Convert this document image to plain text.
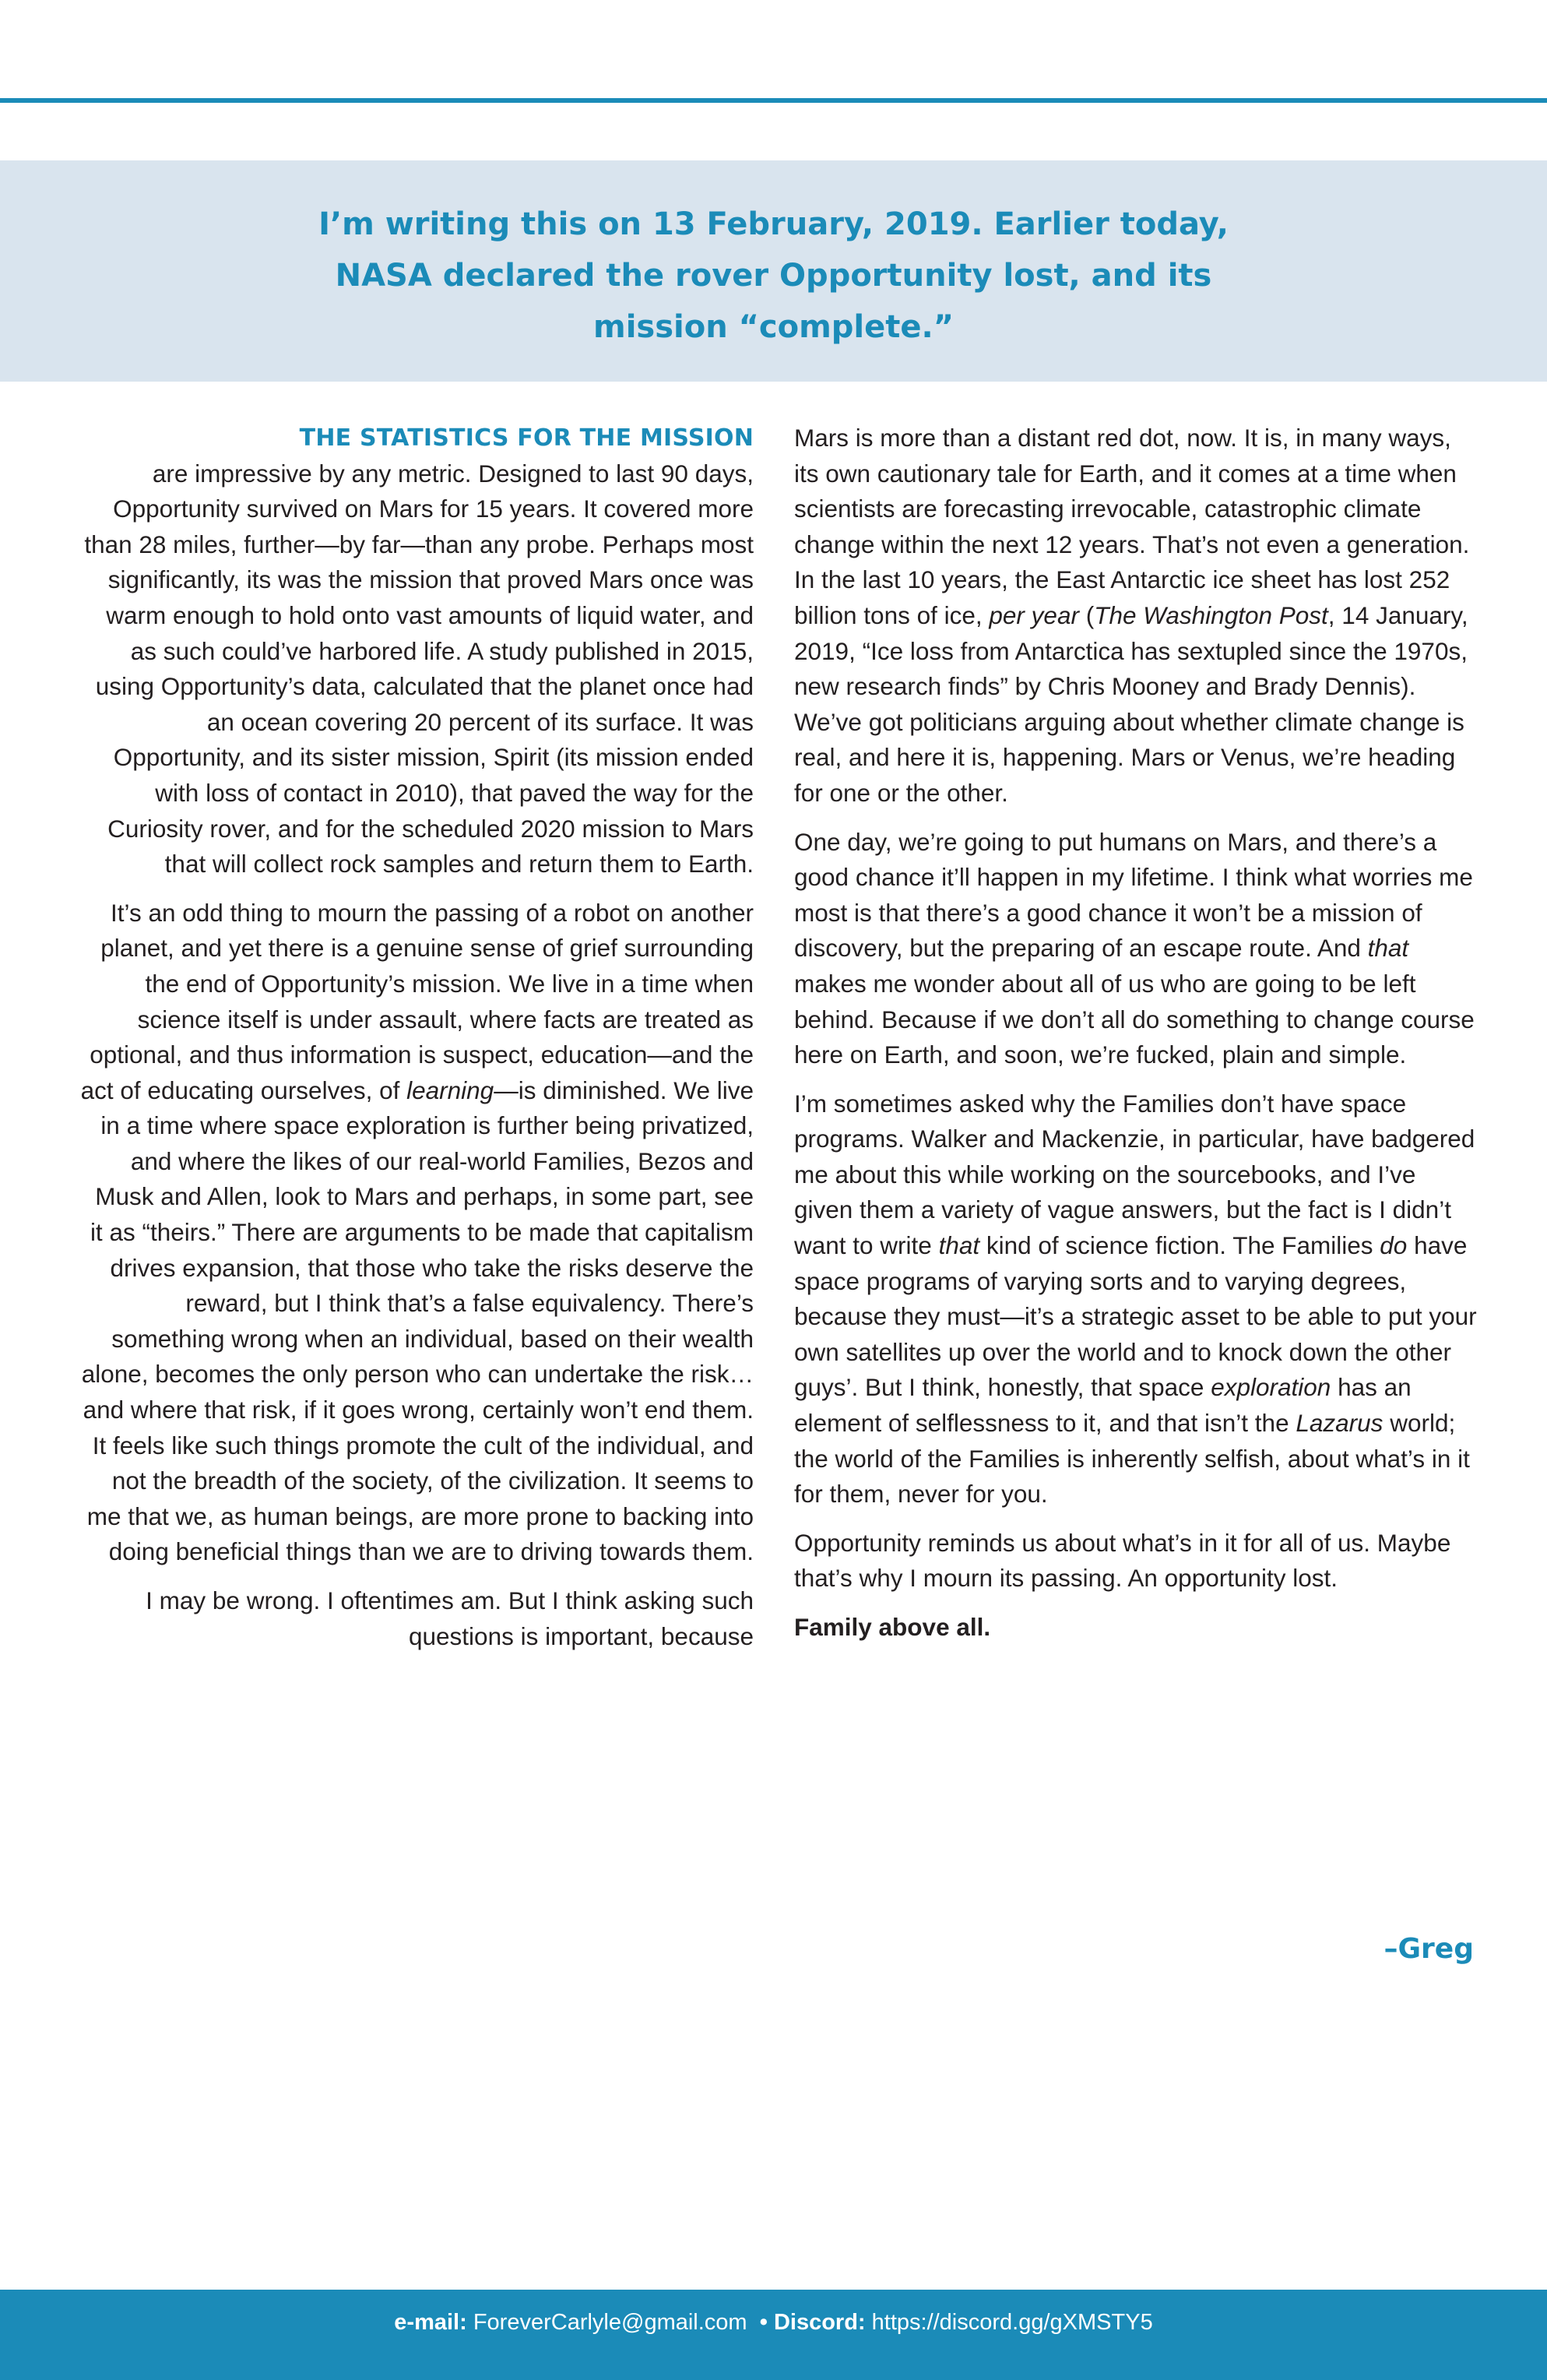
I’m writing this on 13 February, 2019. Earlier today, NASA declared the rover Opportunity lost, and its mission “complete.”

THE STATISTICS FOR THE MISSION
are impressive by any metric. Designed to last 90 days, Opportunity survived on Mars for 15 years. It covered more than 28 miles, further—by far—than any probe. Perhaps most significantly, its was the mission that proved Mars once was warm enough to hold onto vast amounts of liquid water, and as such could’ve harbored life. A study published in 2015, using Opportunity’s data, calculated that the planet once had an ocean covering 20 percent of its surface. It was Opportunity, and its sister mission, Spirit (its mission ended with loss of contact in 2010), that paved the way for the Curiosity rover, and for the scheduled 2020 mission to Mars that will collect rock samples and return them to Earth.

It’s an odd thing to mourn the passing of a robot on another planet, and yet there is a genuine sense of grief surrounding the end of Opportunity’s mission. We live in a time when science itself is under assault, where facts are treated as optional, and thus information is suspect, education—and the act of educating ourselves, of learning—is diminished. We live in a time where space exploration is further being privatized, and where the likes of our real-world Families, Bezos and Musk and Allen, look to Mars and perhaps, in some part, see it as “theirs.” There are arguments to be made that capitalism drives expansion, that those who take the risks deserve the reward, but I think that’s a false equivalency. There’s something wrong when an individual, based on their wealth alone, becomes the only person who can undertake the risk…and where that risk, if it goes wrong, certainly won’t end them. It feels like such things promote the cult of the individual, and not the breadth of the society, of the civilization. It seems to me that we, as human beings, are more prone to backing into doing beneficial things than we are to driving towards them.

I may be wrong. I oftentimes am. But I think asking such questions is important, because

Mars is more than a distant red dot, now. It is, in many ways, its own cautionary tale for Earth, and it comes at a time when scientists are forecasting irrevocable, catastrophic climate change within the next 12 years. That’s not even a generation. In the last 10 years, the East Antarctic ice sheet has lost 252 billion tons of ice, per year (The Washington Post, 14 January, 2019, “Ice loss from Antarctica has sextupled since the 1970s, new research finds” by Chris Mooney and Brady Dennis). We’ve got politicians arguing about whether climate change is real, and here it is, happening. Mars or Venus, we’re heading for one or the other.

One day, we’re going to put humans on Mars, and there’s a good chance it’ll happen in my lifetime. I think what worries me most is that there’s a good chance it won’t be a mission of discovery, but the preparing of an escape route. And that makes me wonder about all of us who are going to be left behind. Because if we don’t all do something to change course here on Earth, and soon, we’re fucked, plain and simple.

I’m sometimes asked why the Families don’t have space programs. Walker and Mackenzie, in particular, have badgered me about this while working on the sourcebooks, and I’ve given them a variety of vague answers, but the fact is I didn’t want to write that kind of science fiction. The Families do have space programs of varying sorts and to varying degrees, because they must—it’s a strategic asset to be able to put your own satellites up over the world and to knock down the other guys’. But I think, honestly, that space exploration has an element of selflessness to it, and that isn’t the Lazarus world; the world of the Families is inherently selfish, about what’s in it for them, never for you.

Opportunity reminds us about what’s in it for all of us. Maybe that’s why I mourn its passing. An opportunity lost.

Family above all.

–Greg

e-mail: ForeverCarlyle@gmail.com • Discord: https://discord.gg/gXMSTY5
